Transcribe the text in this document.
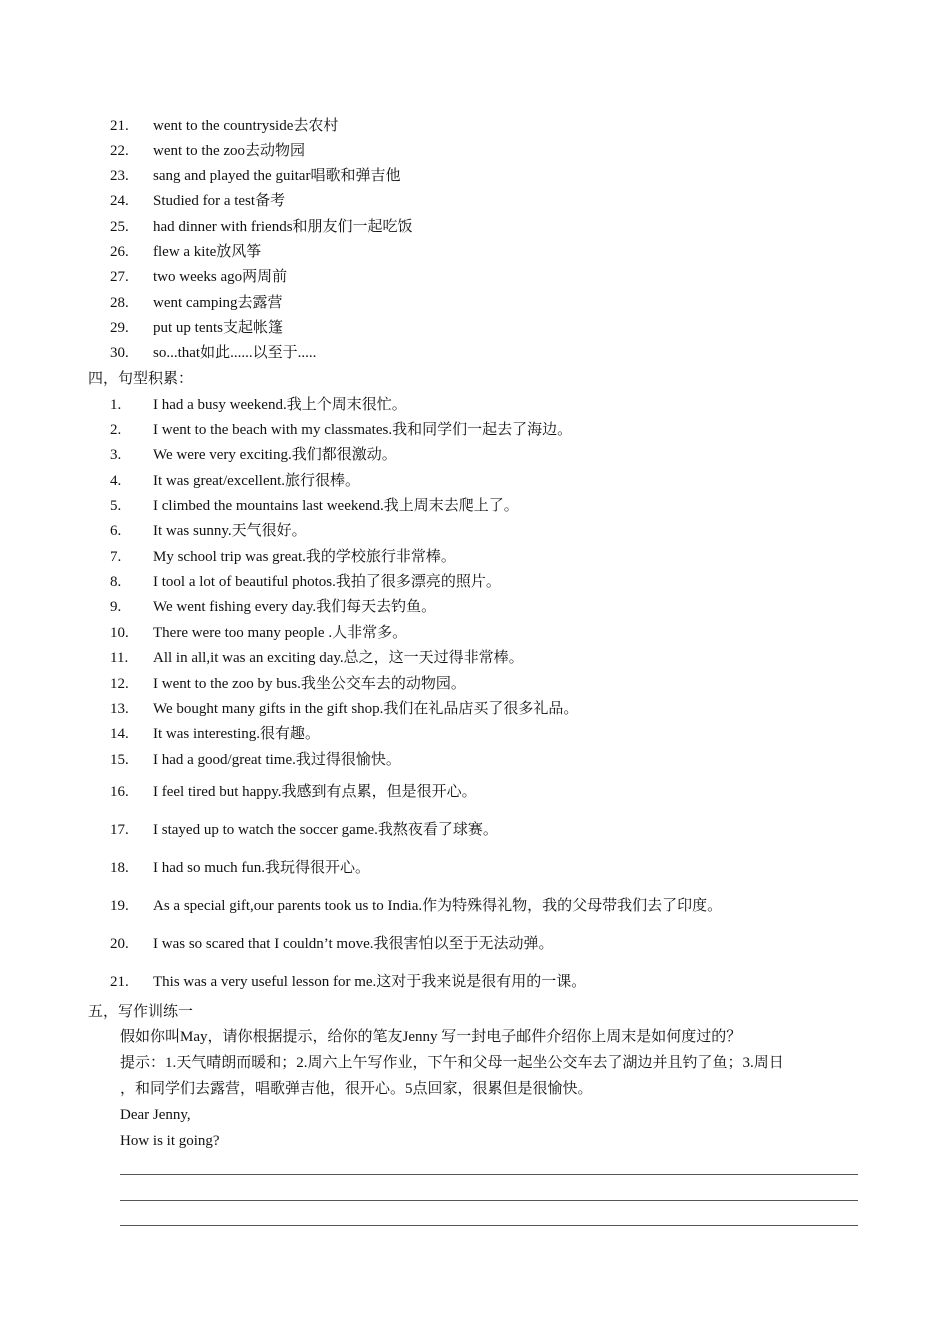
21.	went to the countryside去农村
22.	went to the zoo去动物园
23.	sang and played the guitar唱歌和弹吉他
24.	Studied for a test备考
25.	had dinner with friends和朋友们一起吃饭
26.	flew a kite放风筝
27.	two weeks ago两周前
28.	went camping去露营
29.	put up tents支起帐篷
30.	so...that如此......以至于.....
四，句型积累：
1.	I had a busy weekend.我上个周末很忙。
2.	I went to the beach with my classmates.我和同学们一起去了海边。
3.	We were very exciting.我们都很激动。
4.	It was great/excellent.旅行很棒。
5.	I climbed the mountains last weekend.我上周末去爬上了。
6.	It was sunny.天气很好。
7.	My school trip was great.我的学校旅行非常棒。
8.	I tool a lot of beautiful photos.我拍了很多漂亮的照片。
9.	We went fishing every day.我们每天去钓鱼。
10.	There were too many people .人非常多。
11.	All in all,it was an exciting day.总之，这一天过得非常棒。
12.	I went to the zoo by bus.我坐公交车去的动物园。
13.	We bought many gifts in the gift shop.我们在礼品店买了很多礼品。
14.	It was interesting.很有趣。
15.	I had a good/great time.我过得很愉快。
16.	I feel tired but happy.我感到有点累，但是很开心。
17.	I stayed up to watch the soccer game.我熬夜看了球赛。
18.	I had so much fun.我玩得很开心。
19.	As a special gift,our parents took us to India.作为特殊得礼物，我的父母带我们去了印度。
20.	I was so scared that I couldn’t move.我很害怕以至于无法动弹。
21.	This was a very useful lesson for me.这对于我来说是很有用的一课。
五，写作训练一
假如你叫May，请你根据提示，给你的笔友Jenny 写一封电子邮件介绍你上周末是如何度过的？
提示：1.天气晴朗而暖和；2.周六上午写作业，下午和父母一起坐公交车去了湖边并且钓了鱼；3.周日
，和同学们去露营，唱歌弹吉他，很开心。5点回家，很累但是很愉快。
Dear Jenny,
How is it going?
